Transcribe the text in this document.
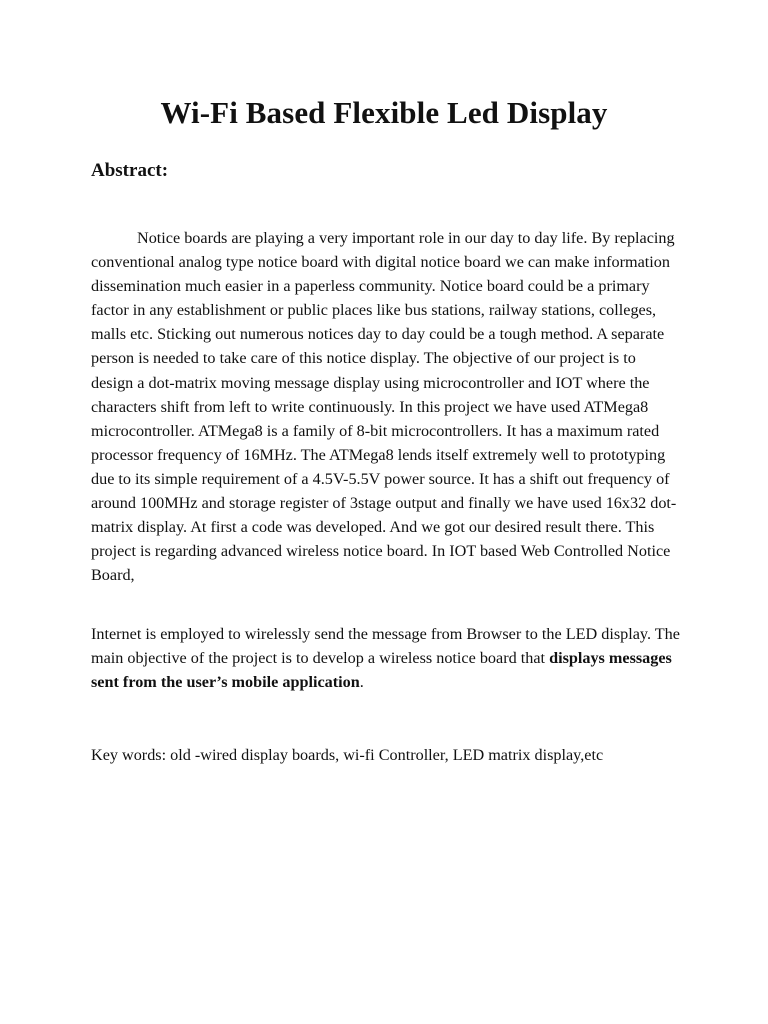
Wi-Fi Based Flexible Led Display
Abstract:

Notice boards are playing a very important role in our day to day life. By replacing conventional analog type notice board with digital notice board we can make information dissemination much easier in a paperless community. Notice board could be a primary factor in any establishment or public places like bus stations, railway stations, colleges, malls etc. Sticking out numerous notices day to day could be a tough method. A separate person is needed to take care of this notice display. The objective of our project is to design a dot-matrix moving message display using microcontroller and IOT where the characters shift from left to write continuously. In this project we have used ATMega8 microcontroller. ATMega8 is a family of 8-bit microcontrollers. It has a maximum rated processor frequency of 16MHz. The ATMega8 lends itself extremely well to prototyping due to its simple requirement of a 4.5V-5.5V power source. It has a shift out frequency of around 100MHz and storage register of 3stage output and finally we have used 16x32 dot- matrix display. At first a code was developed. And we got our desired result there. This project is regarding advanced wireless notice board. In IOT based Web Controlled Notice Board,

Internet is employed to wirelessly send the message from Browser to the LED display. The main objective of the project is to develop a wireless notice board that displays messages sent from the user’s mobile application.

Key words: old -wired display boards, wi-fi Controller, LED matrix display,etc
